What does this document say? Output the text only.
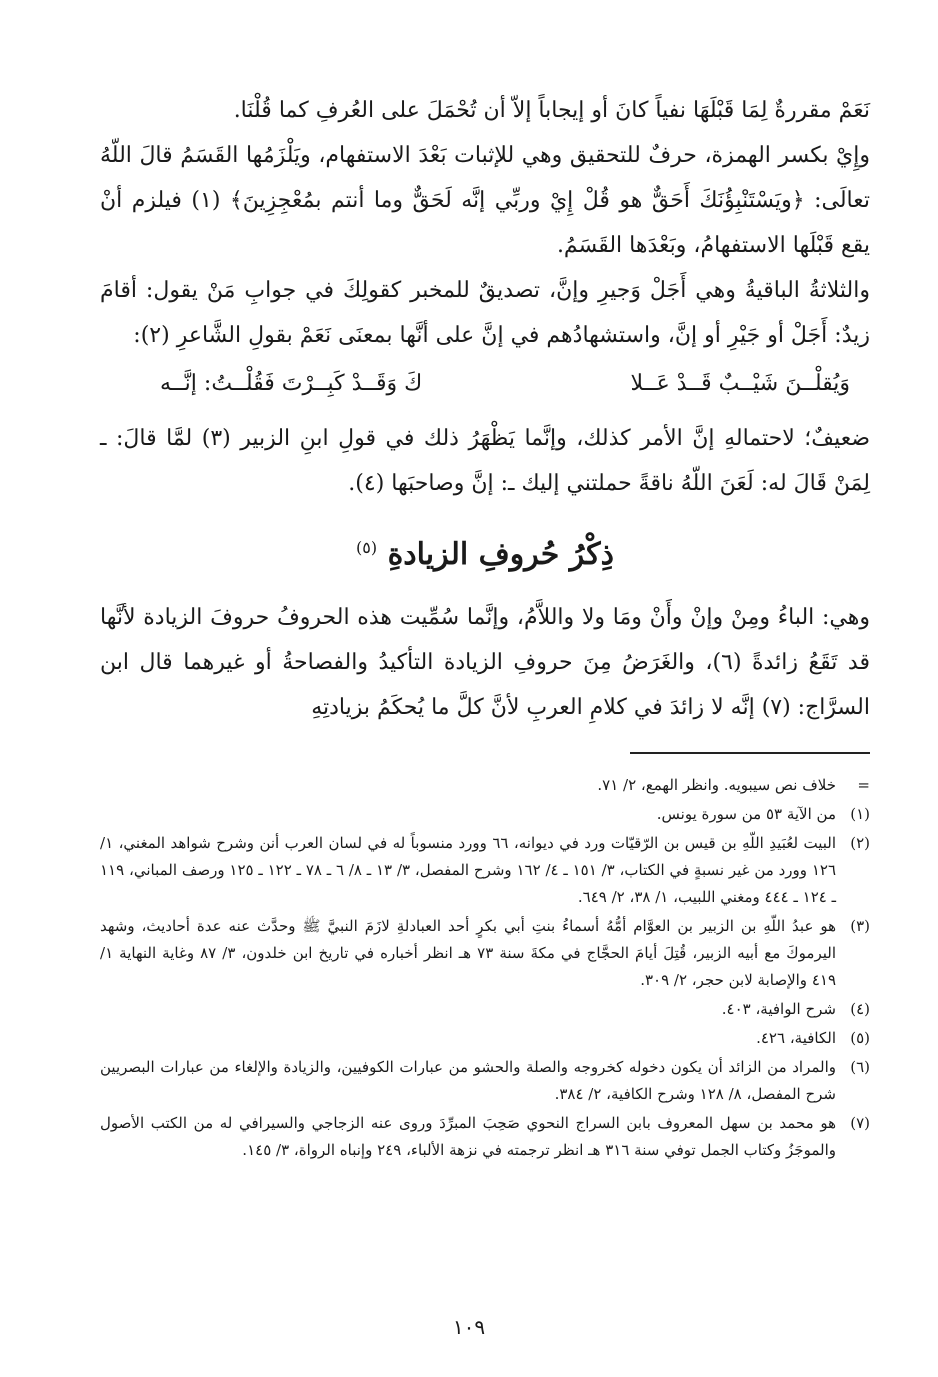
نَعَمْ مقررةٌ لِمَا قَبْلَهَا نفياً كانَ أو إيجاباً إلاّ أن تُحْمَلَ على العُرفِ كما قُلْنَا.

وإِيْ بكسر الهمزة، حرفٌ للتحقيق وهي للإثبات بَعْدَ الاستفهام، ويَلْزَمُها القَسَمُ قالَ اللّهُ تعالَى: ﴿ويَسْتَنْبِؤُنَكَ أَحَقٌّ هو قُلْ إِيْ وربِّي إنَّه لَحَقٌّ وما أنتم بمُعْجِزِينَ﴾ (١) فيلزم أنْ يقع قَبْلَها الاستفهامُ، وبَعْدَها القَسَمُ.

والثلاثةُ الباقيةُ وهي أَجَلْ وَجيرِ وإنَّ، تصديقٌ للمخبر كقولِكَ في جوابِ مَنْ يقول: أقامَ زيدٌ: أَجَلْ أو جَيْرِ أو إنَّ، واستشهادُهم في إنَّ على أنَّها بمعنَى نَعَمْ بقولِ الشَّاعرِ (٢):

وَيُقلْــنَ شَيْــبٌ قَــدْ عَــلا
كَ وَقَــدْ كَبِــرْتَ فَقُلْــتُ: إنَّــه

ضعيفٌ؛ لاحتمالهِ إنَّ الأمر كذلك، وإنَّما يَظْهَرُ ذلك في قولِ ابنِ الزبير (٣) لمَّا قالَ: ـ لِمَنْ قَالَ له: لَعَنَ اللّهُ ناقةً حملتني إليك ـ: إنَّ وصاحبَها (٤).

ذِكْرُ حُروفِ الزيادةِ $^{(٥)}$

وهي: الباءُ ومِنْ وإنْ وأَنْ ومَا ولا واللاَّمُ، وإنَّما سُمِّيت هذه الحروفُ حروفَ الزيادة لأنَّها قد تَقَعُ زائدةً (٦)، والغَرَضُ مِنَ حروفِ الزيادة التأكيدُ والفصاحةُ أو غيرهما قال ابن السرَّاج: (٧) إنَّه لا زائدَ في كلامِ العربِ لأنَّ كلَّ ما يُحكَمُ بزيادتِهِ

=
خلاف نص سيبويه. وانظر الهمع، ٢/ ٧١.
(١)
من الآية ٥٣ من سورة يونس.
(٢)
البيت لعُبَيدِ اللّهِ بن قيس بن الرّقيّات ورد في ديوانه، ٦٦ وورد منسوباً له في لسان العرب أنن وشرح شواهد المغني، ١/ ١٢٦ وورد من غير نسبةٍ في الكتاب، ٣/ ١٥١ ـ ٤/ ١٦٢ وشرح المفصل، ٣/ ١٣ ـ ٨/ ٦ ـ ٧٨ ـ ١٢٢ ـ ١٢٥ ورصف المباني، ١١٩ ـ ١٢٤ ـ ٤٤٤ ومغني اللبيب، ١/ ٣٨، ٢/ ٦٤٩.
(٣)
هو عبدُ اللّهِ بن الزبير بن العوَّام أمُّهُ أسماءُ بنتِ أبي بكرٍ أحد العبادلةِ لازَمَ النبيَّ ﷺ وحدَّث عنه عدة أحاديث، وشهد اليرموكَ مع أبيه الزبير، قُتِلَ أيامَ الحجَّاج في مكةَ سنة ٧٣ هـ انظر أخباره في تاريخ ابن خلدون، ٣/ ٨٧ وغاية النهاية ١/ ٤١٩ والإصابة لابن حجر، ٢/ ٣٠٩.
(٤)
شرح الوافية، ٤٠٣.
(٥)
الكافية، ٤٢٦.
(٦)
والمراد من الزائد أن يكون دخوله كخروجه والصلة والحشو من عبارات الكوفيين، والزيادة والإلغاء من عبارات البصريين شرح المفصل، ٨/ ١٢٨ وشرح الكافية، ٢/ ٣٨٤.
(٧)
هو محمد بن سهل المعروف بابن السراج النحوي صَحِبَ المبرِّدَ وروى عنه الزجاجي والسيرافي له من الكتب الأصول والموجَزُ وكتاب الجمل توفي سنة ٣١٦ هـ انظر ترجمته في نزهة الألباء، ٢٤٩ وإنباه الرواة، ٣/ ١٤٥.
١٠٩
